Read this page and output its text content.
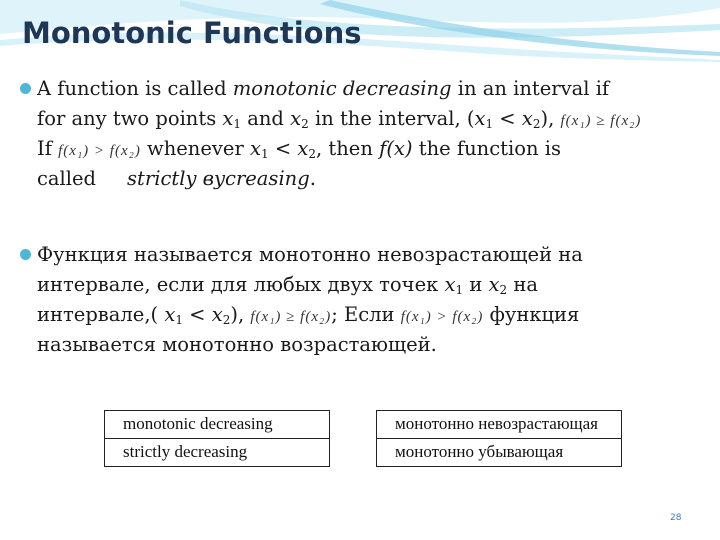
Monotonic Functions
A function is called monotonic decreasing in an interval if
for any two points $x_1$ and $x_2$ in the interval, $(x_1 < x_2)$, f(x₁) ≥ f(x₂)
If f(x₁) > f(x₂) whenever $x_1 < x_2$, then f(x) the function is
called     strictly вycreasing.
Функция называется монотонно невозрастающей на
интервале, если для любых двух точек $x_1$ и $x_2$ на
интервале,( $x_1 < x_2$), f(x₁) ≥ f(x₂); Если f(x₁) > f(x₂) функция
называется монотонно возрастающей.
monotonic decreasing		монотонно невозрастающая
strictly decreasing		монотонно убывающая
28
